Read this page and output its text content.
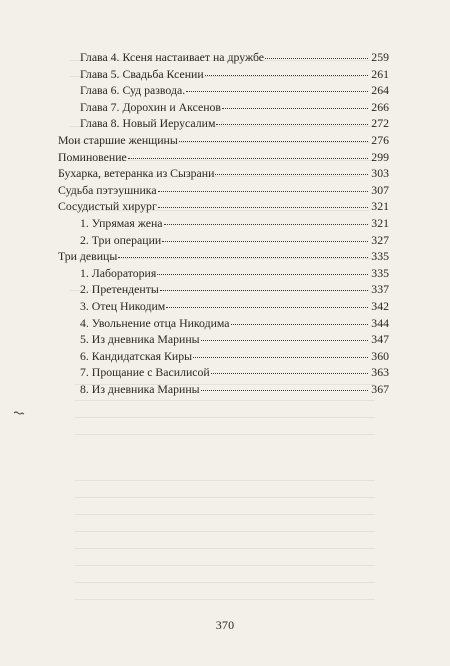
Глава 4. Ксеня настаивает на дружбе	259
Глава 5. Свадьба Ксении	261
Глава 6. Суд развода.	264
Глава 7. Дорохин и Аксенов	266
Глава 8. Новый Иерусалим	272
Мои старшие женщины	276
Поминовение	299
Бухарка, ветеранка из Сызрани	303
Судьба пэтэушника	307
Сосудистый хирург	321
1. Упрямая жена	321
2. Три операции	327
Три девицы	335
1. Лаборатория	335
2. Претенденты	337
3. Отец Никодим	342
4. Увольнение отца Никодима	344
5. Из дневника Марины	347
6. Кандидатская Киры	360
7. Прощание с Василисой	363
8. Из дневника Марины	367
370
